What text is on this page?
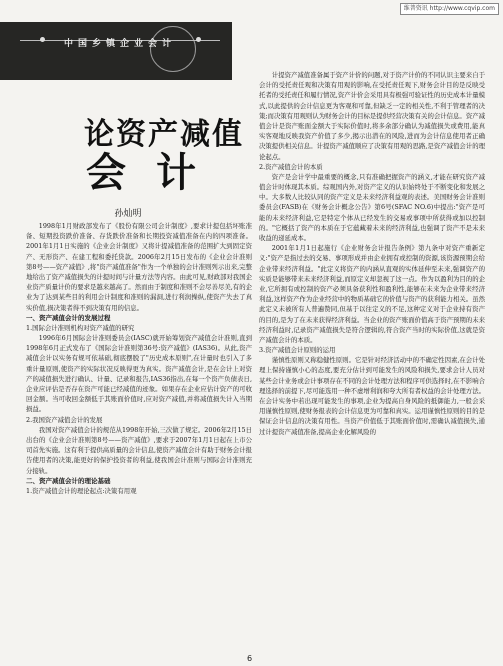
维普资讯 http://www.cqvip.com
中国乡镇企业会计
论资产减值
会计
孙灿明

1998年1月财政部发布了《股份有限公司会计制度》,要求计提包括坏账准备、短期投资跌价准备、存货跌价准备和长期投资减值准备在内的四项准备。2001年1月1日实施的《企业会计制度》又将计提减值准备的范围扩大到固定资产、无形资产、在建工程和委托贷款。2006年2月15日发布的《企业会计准则第8号——资产减值》,将"资产减值准备"作为一个单独的会计准则列示出来,完整地给出了资产减值损失的计提时间与计量方法等内容。由此可见,财政部对我国企业资产质量计价的要求是越来越高了。然而由于制度和准则不会尽善尽美,有的企业为了达到某些目的利用会计制度和准则的漏洞,进行利润操纵,使资产失去了真实价值,损决策者得不到决策有用的信息。

一、资产减值会计的发展过程
1.国际会计准则机构对资产减值的研究

1996年6月国际会计准则委员会(IASC)就开始筹划资产减值会计准则,直到1998年6月正式发布了《国际会计准则第36号:资产减值》(IAS36)。从此,资产减值会计以实务有规可依基础,彻底摆脱了"历史成本原则",在计量时也引入了多重计量原则,使资产的实际状况反映得更为真实。资产减值会计,是在会计上对资产的减值损失进行确认、计量、记录和报告,IAS36指出,在每一个资产负债表日,企业应评估是否存在资产可能已经减值的迹象。如果存在企业应估计资产的可收回金额。当可收回金额低于其账面价值时,应对资产减值,并将减值损失计入当期损益。

2.我国资产减值会计的发展

我国对资产减值会计的规范从1998年开始,三次做了规定。2006年2月15日出台的《企业会计准则第8号——资产减值》,要求于2007年1月1日起在上市公司首先实施。这有利于提供高质量的会计信息,使资产减值会计有助于财务会计报告使用者的决策,能更好的保护投资者的利益,使我国会计准则与国际会计准则充分接轨。

二、资产减值会计的理论基础
1.资产减值会计的理论起点:决策有用观

计提资产减值准备属于资产计价的问题,对于资产计价的不同认识主要来自于会计的受托责任观和决策有用观的影响,在受托责任观下,财务会计目的是反映受托者的受托责任和履行情况,资产计价会采用具有极强可验证性的历史成本计量模式,以此提供的会计信息更为客观和可靠,但缺乏一定的相关性,不利于管理者的决策;而决策有用观则认为财务会计的目标是提供经营决策有关的会计信息。资产减值会计是资产账面金额大于实际价值时,将多余部分确认为减值损失或费用,能真实客观地反映我资产价值了多少,揭示出潜在的风险,进而为会计信息使用者正确决策提供相关信息。计提资产减值顺应了决策有用观的思路,是资产减值会计的理论起点。

2.资产减值会计的本质

资产是会计学中最重要的概念,只有准确把握资产的涵义,才能在研究资产减值会计时体现其本质。综观国内外,对资产定义的认识始终处于不断变化和发展之中。大多数人比较认同的资产定义是未来经济利益观的表述。美国财务会计准则委员会(FASB)在《财务会计概念公告》第6号(SFAC NO.6)中提出:"资产是可能的未来经济利益,它是特定个体从已经发生的交易或事项中所获得或加以控制的。"它概括了资产的本质在于它蕴藏着未来的经济利益,也强调了资产不是未来收益的递延成本。

2001年1月1日起施行《企业财务会计报告条例》第九条中对资产重新定义:"资产是指过去的交易、事项形成并由企业拥有或控制的资源,该资源预期会给企业带来经济利益。"此定义将资产的内涵从直观的实体延伸至未来,强调资产的实质是能够带来未来经济利益,而原定义却忽视了这一点。作为以盈利为目的的企业,它所拥有或控制的资产必须具备获利性和盈利性,能够在未来为企业带来经济利益,这样资产作为企业经营中的物质基础它的价值与资产的获利能力相关。虽然此定义未被所有人普遍赞同,但基于以往定义的不足,这种定义对于企业持有资产的目的,是为了在未来获得经济利益。当企业的资产账面价值高于资产预期的未来经济利益时,记录资产减值损失是符合逻辑的,符合资产当时的实际价值,这就是资产减值会计的本质。

3.资产减值会计原则的运用

谨慎性原则又称稳健性原则。它是针对经济活动中的不确定性因素,在会计处理上保持谨慎小心的态度,要充分估计到可能发生的风险和损失,要求会计人员对某些会计业务或会计事项存在不同的会计处理方法和程序可供选择时,在不影响合理选择的前提下,尽可能选用一种不虚增利润和夸大所有者权益的会计处理方法。在会计实务中若出现可能发生的事项,企业为提高自身风险的抵御能力,一般会采用谨慎性原则,使财务报表的会计信息更为可靠和真实。运用谨慎性原则的目的是保证会计信息的决策有用性。当资产价值低于其账面价值时,需确认减值损失,通过计提资产减值准备,提高企业化解风险的

6
